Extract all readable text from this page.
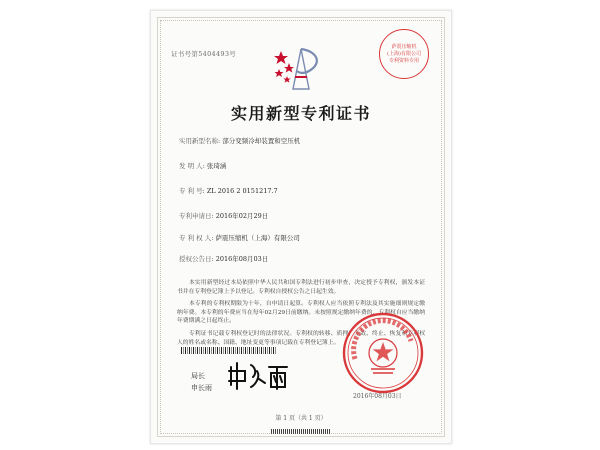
证书号第5404493号
萨震压缩机
(上海)有限公司
专利资料专用
实用新型专利证书
实用新型名称: 部分变频冷却装置和空压机
发 明 人: 张琦涵
专 利 号: ZL 2016 2 0151217.7
专利申请日: 2016年02月29日
专 利 权 人: 萨震压缩机（上海）有限公司
授权公告日: 2016年08月03日

本实用新型经过本局依照中华人民共和国专利法进行初步审查，决定授予专利权，颁发本证书并在专利登记簿上予以登记。专利权自授权公告之日起生效。

本专利的专利权期限为十年，自申请日起算。专利权人应当依照专利法及其实施细则规定缴纳年费。本专利的年费应当在每年02月29日前缴纳。未按照规定缴纳年费的，专利权自应当缴纳年费期满之日起终止。

专利证书记载专利权登记时的法律状况。专利权的转移、质押、无效、终止、恢复和专利权人的姓名或名称、国籍、地址变更等事项记载在专利登记簿上。

局长
申长雨
2016年08月03日
第 1 页（共 1 页）
